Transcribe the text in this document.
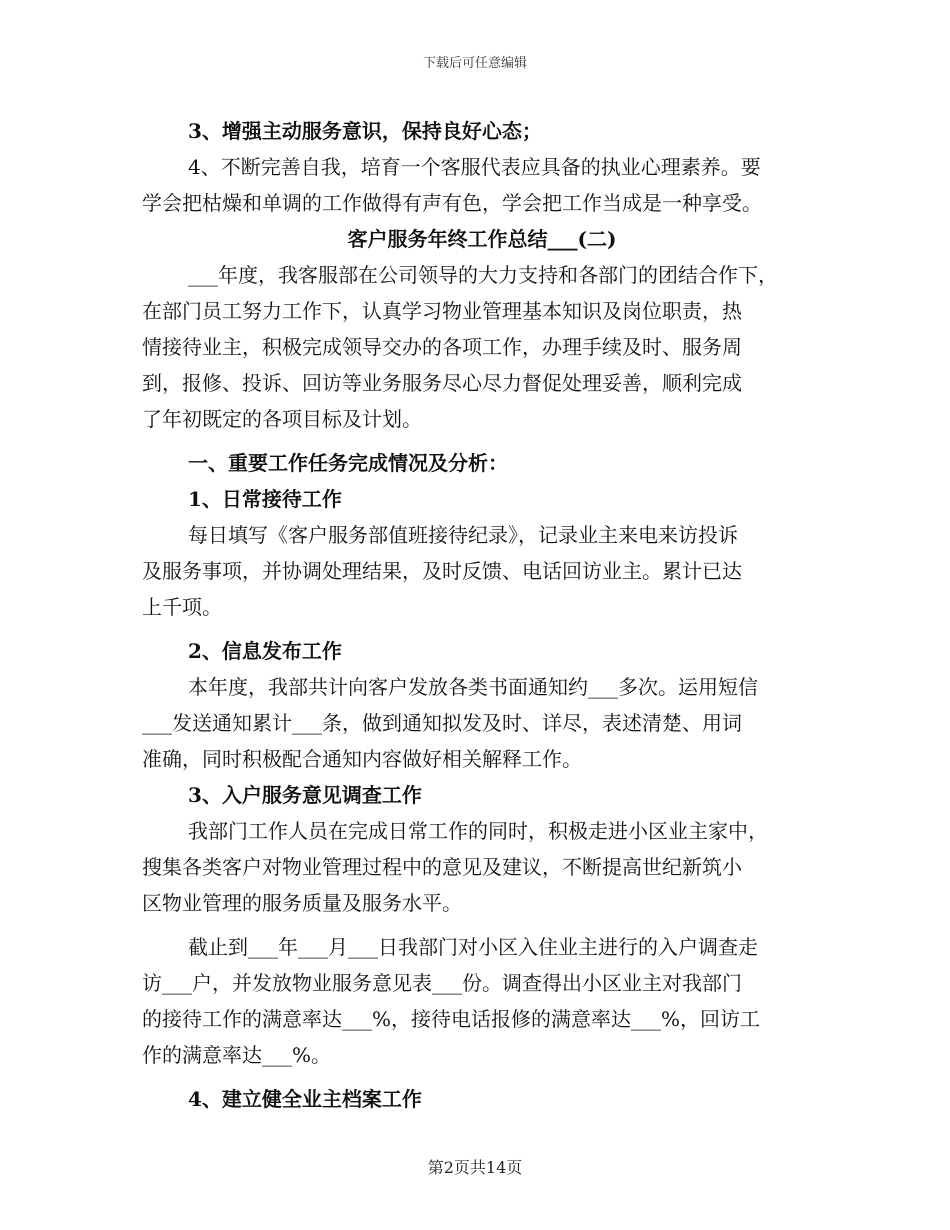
下载后可任意编辑

3、增强主动服务意识，保持良好心态；

4、不断完善自我，培育一个客服代表应具备的执业心理素养。要

学会把枯燥和单调的工作做得有声有色，学会把工作当成是一种享受。

客户服务年终工作总结___(二)

___年度，我客服部在公司领导的大力支持和各部门的团结合作下，

在部门员工努力工作下，认真学习物业管理基本知识及岗位职责，热

情接待业主，积极完成领导交办的各项工作，办理手续及时、服务周

到，报修、投诉、回访等业务服务尽心尽力督促处理妥善，顺利完成

了年初既定的各项目标及计划。

一、重要工作任务完成情况及分析：

1、日常接待工作

每日填写《客户服务部值班接待纪录》，记录业主来电来访投诉

及服务事项，并协调处理结果，及时反馈、电话回访业主。累计已达

上千项。

2、信息发布工作

本年度，我部共计向客户发放各类书面通知约___多次。运用短信

___发送通知累计___条，做到通知拟发及时、详尽，表述清楚、用词

准确，同时积极配合通知内容做好相关解释工作。

3、入户服务意见调查工作

我部门工作人员在完成日常工作的同时，积极走进小区业主家中，

搜集各类客户对物业管理过程中的意见及建议，不断提高世纪新筑小

区物业管理的服务质量及服务水平。

截止到___年___月___日我部门对小区入住业主进行的入户调查走

访___户，并发放物业服务意见表___份。调查得出小区业主对我部门

的接待工作的满意率达___%，接待电话报修的满意率达___%，回访工

作的满意率达___%。

4、建立健全业主档案工作

第2页共14页
